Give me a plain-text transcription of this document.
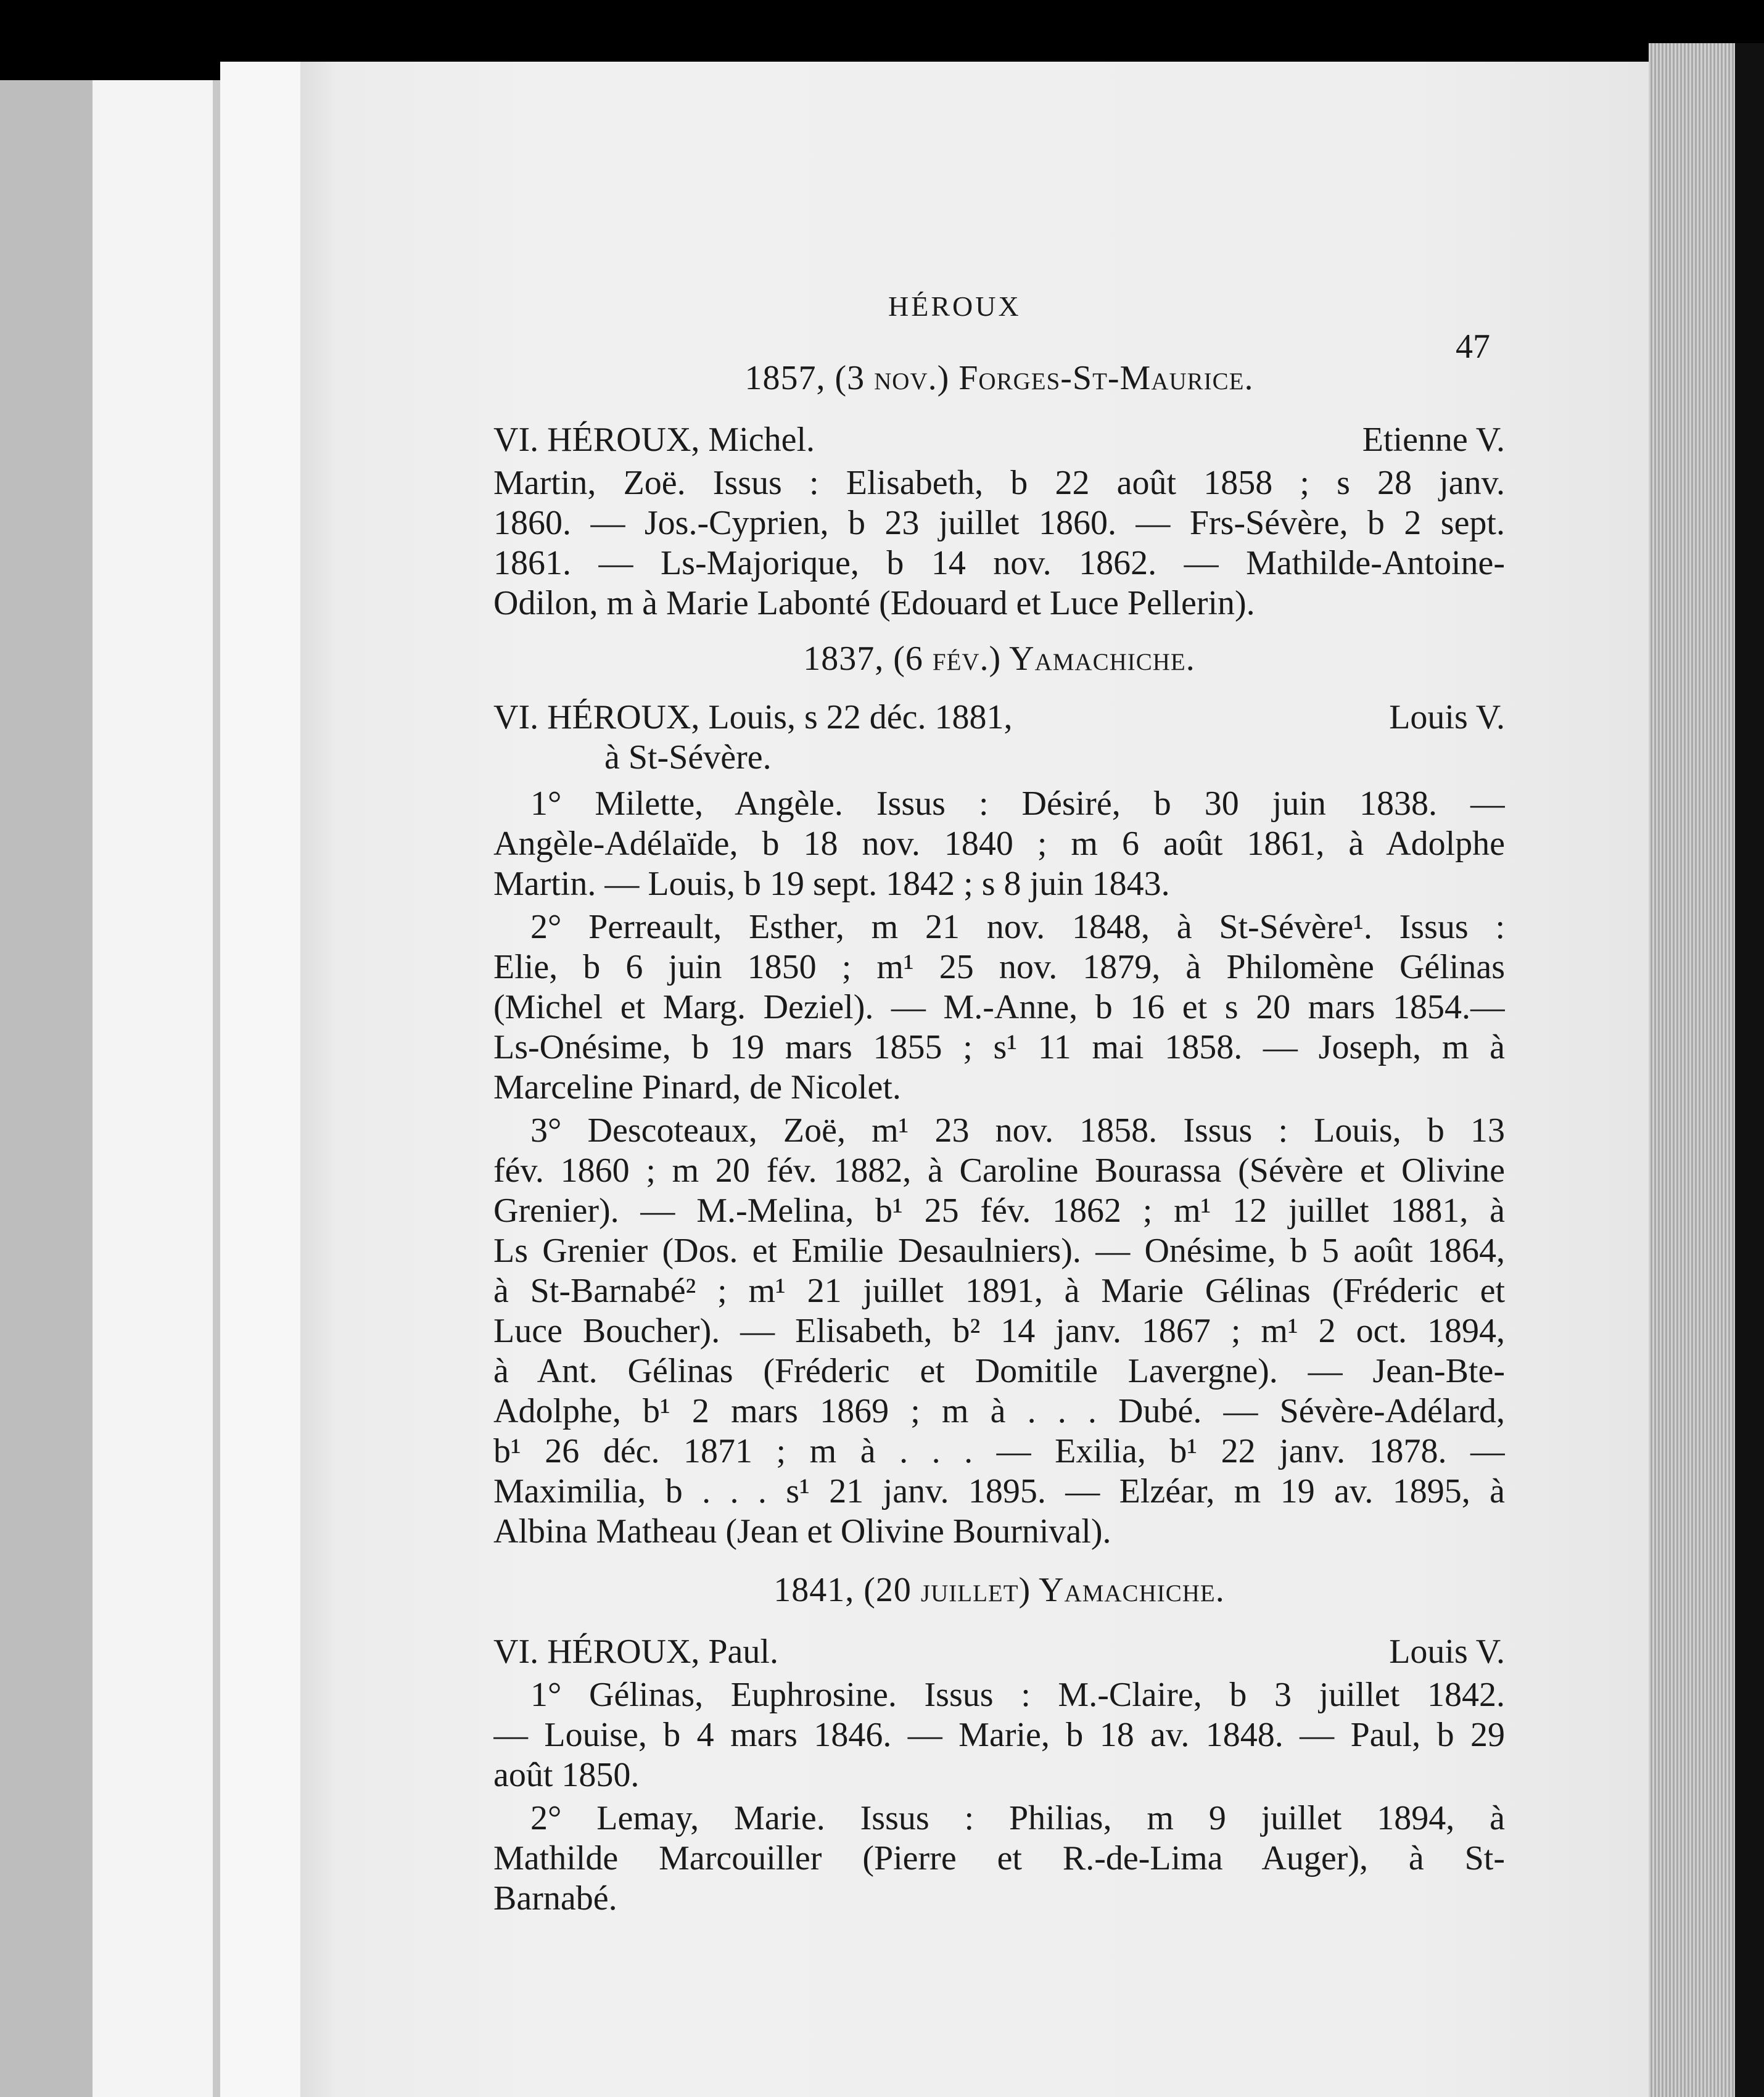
HÉROUX
47
1857, (3 nov.) Forges-St-Maurice.
VI. HÉROUX, Michel.	Etienne V.
Martin, Zoë. Issus : Elisabeth, b 22 août 1858 ; s 28 janv.
1860. — Jos.-Cyprien, b 23 juillet 1860. — Frs-Sévère, b 2 sept.
1861. — Ls-Majorique, b 14 nov. 1862. — Mathilde-Antoine-
Odilon, m à Marie Labonté (Edouard et Luce Pellerin).
1837, (6 fév.) Yamachiche.
VI. HÉROUX, Louis, s 22 déc. 1881,	Louis V.
à St-Sévère.
1° Milette, Angèle. Issus : Désiré, b 30 juin 1838. —
Angèle-Adélaïde, b 18 nov. 1840 ; m 6 août 1861, à Adolphe
Martin. — Louis, b 19 sept. 1842 ; s 8 juin 1843.
2° Perreault, Esther, m 21 nov. 1848, à St-Sévère¹. Issus :
Elie, b 6 juin 1850 ; m¹ 25 nov. 1879, à Philomène Gélinas
(Michel et Marg. Deziel). — M.-Anne, b 16 et s 20 mars 1854.—
Ls-Onésime, b 19 mars 1855 ; s¹ 11 mai 1858. — Joseph, m à
Marceline Pinard, de Nicolet.
3° Descoteaux, Zoë, m¹ 23 nov. 1858. Issus : Louis, b 13
fév. 1860 ; m 20 fév. 1882, à Caroline Bourassa (Sévère et Olivine
Grenier). — M.-Melina, b¹ 25 fév. 1862 ; m¹ 12 juillet 1881, à
Ls Grenier (Dos. et Emilie Desaulniers). — Onésime, b 5 août 1864,
à St-Barnabé² ; m¹ 21 juillet 1891, à Marie Gélinas (Fréderic et
Luce Boucher). — Elisabeth, b² 14 janv. 1867 ; m¹ 2 oct. 1894,
à Ant. Gélinas (Fréderic et Domitile Lavergne). — Jean-Bte-
Adolphe, b¹ 2 mars 1869 ; m à . . . Dubé. — Sévère-Adélard,
b¹ 26 déc. 1871 ; m à . . . — Exilia, b¹ 22 janv. 1878. —
Maximilia, b . . . s¹ 21 janv. 1895. — Elzéar, m 19 av. 1895, à
Albina Matheau (Jean et Olivine Bournival).
1841, (20 juillet) Yamachiche.
VI. HÉROUX, Paul.	Louis V.
1° Gélinas, Euphrosine. Issus : M.-Claire, b 3 juillet 1842.
— Louise, b 4 mars 1846. — Marie, b 18 av. 1848. — Paul, b 29
août 1850.
2° Lemay, Marie. Issus : Philias, m 9 juillet 1894, à
Mathilde Marcouiller (Pierre et R.-de-Lima Auger), à St-
Barnabé.
